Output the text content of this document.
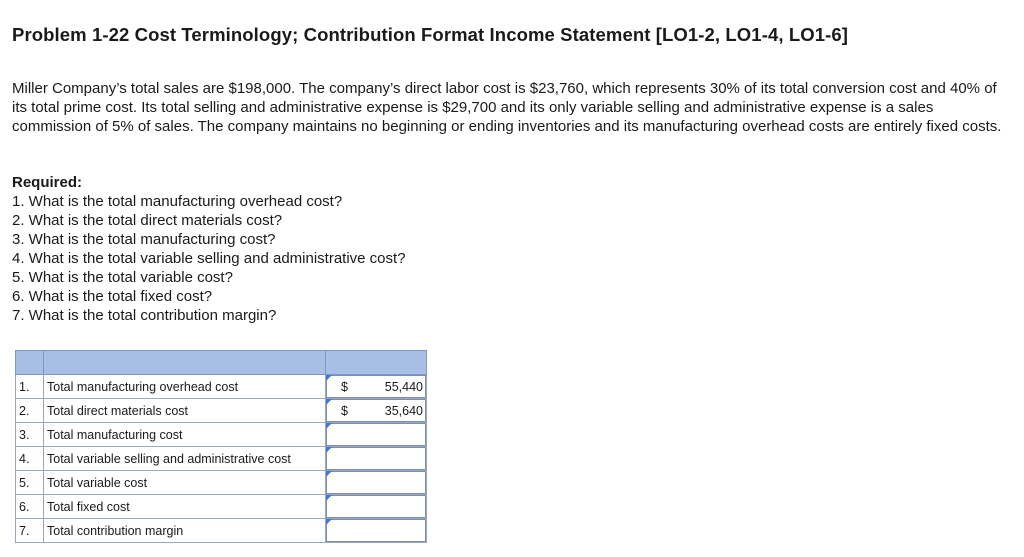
Problem 1-22 Cost Terminology; Contribution Format Income Statement [LO1-2, LO1-4, LO1-6]

Miller Company’s total sales are $198,000. The company’s direct labor cost is $23,760, which represents 30% of its total conversion cost and 40% of its total prime cost. Its total selling and administrative expense is $29,700 and its only variable selling and administrative expense is a sales commission of 5% of sales. The company maintains no beginning or ending inventories and its manufacturing overhead costs are entirely fixed costs.

Required:

1. What is the total manufacturing overhead cost?
2. What is the total direct materials cost?
3. What is the total manufacturing cost?
4. What is the total variable selling and administrative cost?
5. What is the total variable cost?
6. What is the total fixed cost?
7. What is the total contribution margin?

1.	Total manufacturing overhead cost	$ 55,440

2.	Total direct materials cost	$ 35,640

3.	Total manufacturing cost	

4.	Total variable selling and administrative cost	

5.	Total variable cost	

6.	Total fixed cost	

7.	Total contribution margin	
